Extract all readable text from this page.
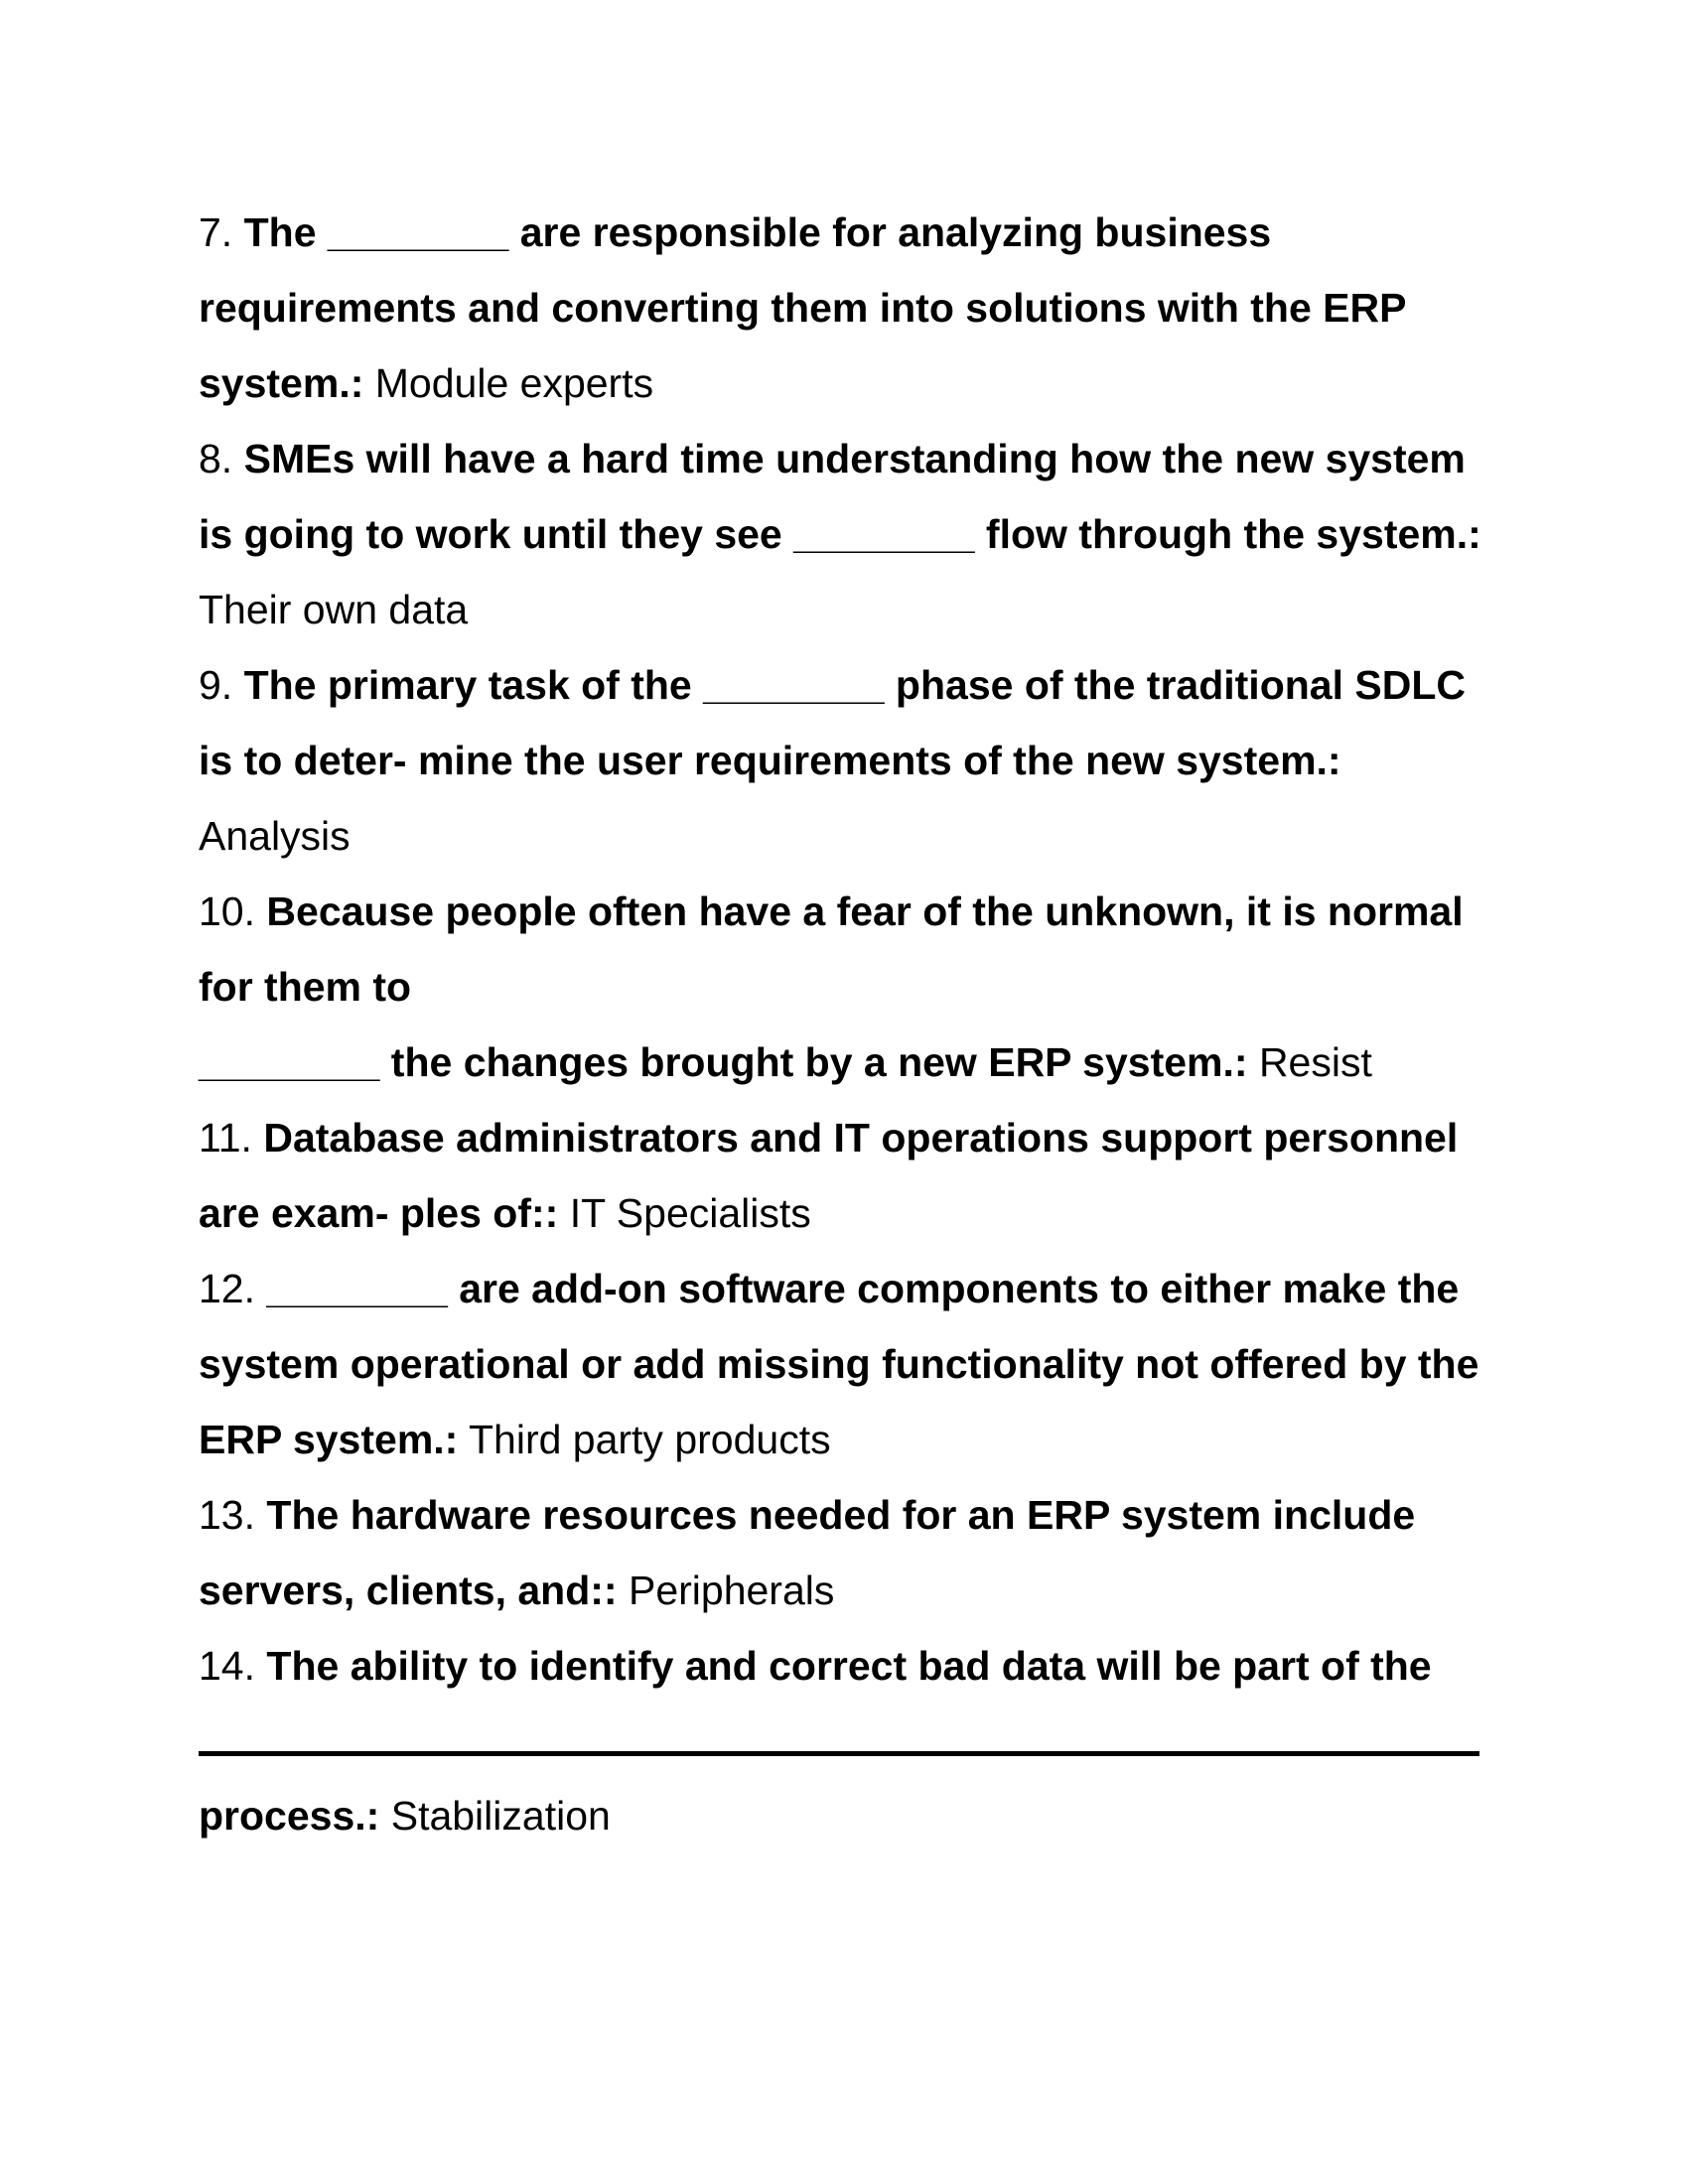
7. The ________ are responsible for analyzing business requirements and converting them into solutions with the ERP system.: Module experts

8. SMEs will have a hard time understanding how the new system is going to work until they see ________ flow through the system.: Their own data

9. The primary task of the ________ phase of the traditional SDLC is to deter- mine the user requirements of the new system.: Analysis

10. Because people often have a fear of the unknown, it is normal for them to
________ the changes brought by a new ERP system.: Resist

11. Database administrators and IT operations support personnel are exam- ples of:: IT Specialists

12. ________ are add-on software components to either make the system operational or add missing functionality not offered by the ERP system.: Third party products

13. The hardware resources needed for an ERP system include servers, clients, and:: Peripherals

14. The ability to identify and correct bad data will be part of the

process.: Stabilization
